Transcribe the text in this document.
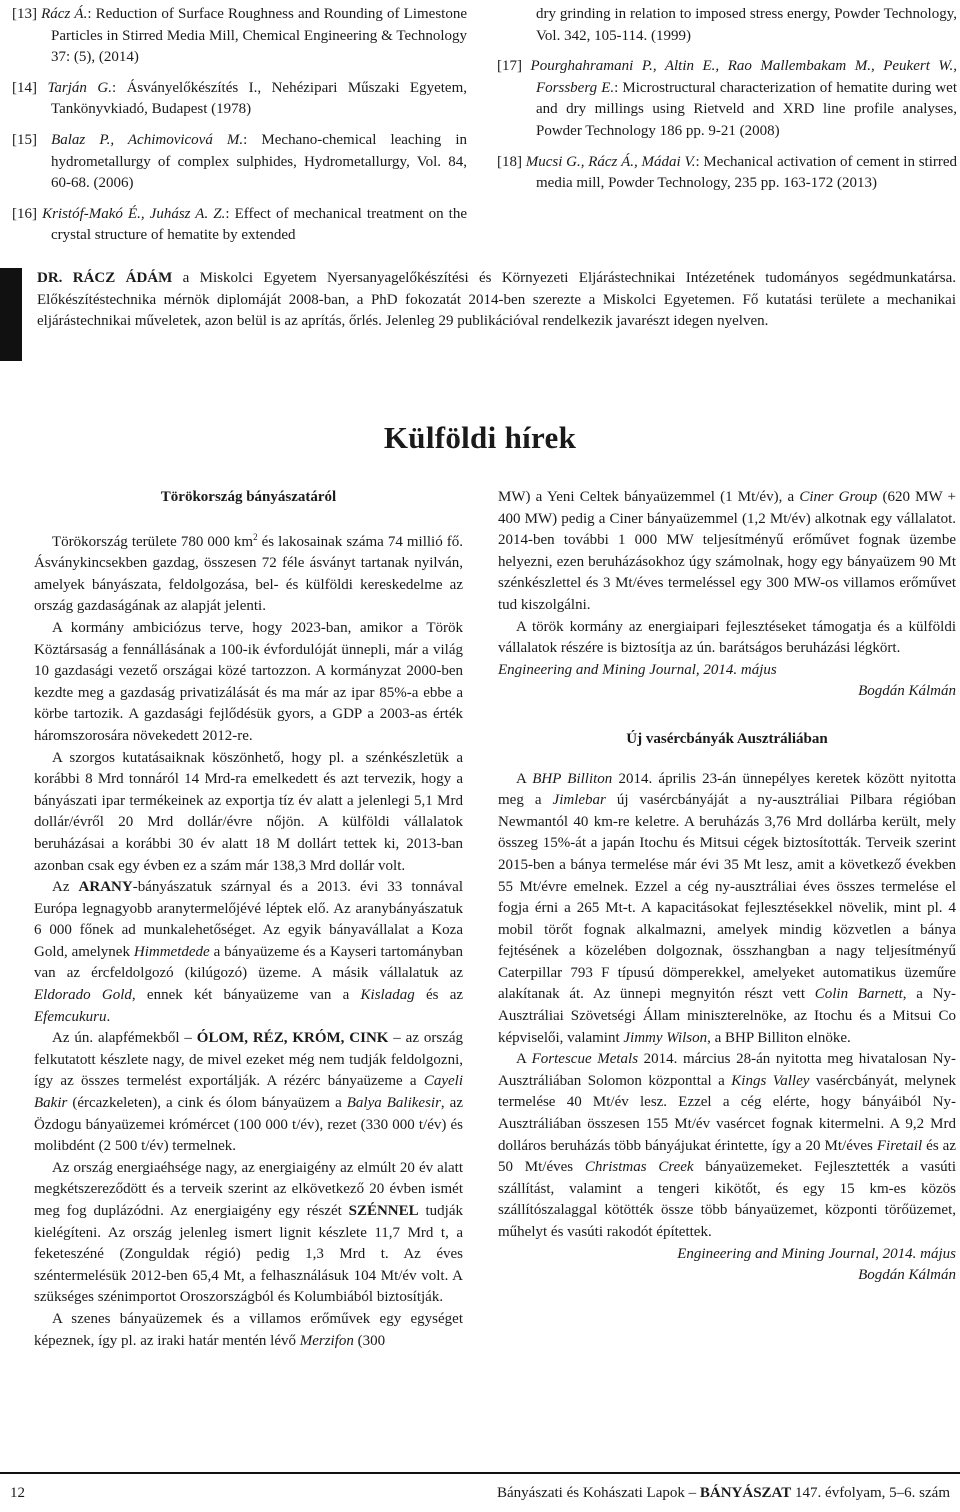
[13] Rácz Á.: Reduction of Surface Roughness and Rounding of Limestone Particles in Stirred Media Mill, Chemical Engineering & Technology 37: (5), (2014)

[14] Tarján G.: Ásványelőkészítés I., Nehézipari Műszaki Egyetem, Tankönyvkiadó, Budapest (1978)

[15] Balaz P., Achimovicová M.: Mechano-chemical leaching in hydrometallurgy of complex sulphides, Hydrometallurgy, Vol. 84, 60-68. (2006)

[16] Kristóf-Makó É., Juhász A. Z.: Effect of mechanical treatment on the crystal structure of hematite by extended

dry grinding in relation to imposed stress energy, Powder Technology, Vol. 342, 105-114. (1999)

[17] Pourghahramani P., Altin E., Rao Mallembakam M., Peukert W., Forssberg E.: Microstructural characterization of hematite during wet and dry millings using Rietveld and XRD line profile analyses, Powder Technology 186 pp. 9-21 (2008)

[18] Mucsi G., Rácz Á., Mádai V.: Mechanical activation of cement in stirred media mill, Powder Technology, 235 pp. 163-172 (2013)

DR. RÁCZ ÁDÁM a Miskolci Egyetem Nyersanyagelőkészítési és Környezeti Eljárástechnikai Intézetének tudományos segédmunkatársa. Előkészítéstechnika mérnök diplomáját 2008-ban, a PhD fokozatát 2014-ben szerezte a Miskolci Egyetemen. Fő kutatási területe a mechanikai eljárástechnikai műveletek, azon belül is az aprítás, őrlés. Jelenleg 29 publikációval rendelkezik javarészt idegen nyelven.
Külföldi hírek

Törökország bányászatáról

Törökország területe 780 000 $km^2$ és lakosainak száma 74 millió fő. Ásványkincsekben gazdag, összesen 72 féle ásványt tartanak nyilván, amelyek bányászata, feldolgozása, bel- és külföldi kereskedelme az ország gazdaságának az alapját jelenti.

A kormány ambiciózus terve, hogy 2023-ban, amikor a Török Köztársaság a fennállásának a 100-ik évfordulóját ünnepli, már a világ 10 gazdasági vezető országai közé tartozzon. A kormányzat 2000-ben kezdte meg a gazdaság privatizálását és ma már az ipar 85%-a ebbe a körbe tartozik. A gazdasági fejlődésük gyors, a GDP a 2003-as érték háromszorosára növekedett 2012-re.

A szorgos kutatásaiknak köszönhető, hogy pl. a szénkészletük a korábbi 8 Mrd tonnáról 14 Mrd-ra emelkedett és azt tervezik, hogy a bányászati ipar termékeinek az exportja tíz év alatt a jelenlegi 5,1 Mrd dollár/évről 20 Mrd dollár/évre nőjön. A külföldi vállalatok beruházásai a korábbi 30 év alatt 18 M dollárt tettek ki, 2013-ban azonban csak egy évben ez a szám már 138,3 Mrd dollár volt.

Az ARANY-bányászatuk szárnyal és a 2013. évi 33 tonnával Európa legnagyobb aranytermelőjévé léptek elő. Az aranybányászatuk 6 000 főnek ad munkalehetőséget. Az egyik bányavállalat a Koza Gold, amelynek Himmetdede a bányaüzeme és a Kayseri tartományban van az ércfeldolgozó (kilúgozó) üzeme. A másik vállalatuk az Eldorado Gold, ennek két bányaüzeme van a Kisladag és az Efemcukuru.

Az ún. alapfémekből – ÓLOM, RÉZ, KRÓM, CINK – az ország felkutatott készlete nagy, de mivel ezeket még nem tudják feldolgozni, így az összes termelést exportálják. A rézérc bányaüzeme a Cayeli Bakir (ércazkeleten), a cink és ólom bányaüzem a Balya Balikesir, az Özdogu bányaüzemei krómércet (100 000 t/év), rezet (330 000 t/év) és molibdént (2 500 t/év) termelnek.

Az ország energiaéhsége nagy, az energiaigény az elmúlt 20 év alatt megkétszereződött és a terveik szerint az elkövetkező 20 évben ismét meg fog duplázódni. Az energiaigény egy részét SZÉNNEL tudják kielégíteni. Az ország jelenleg ismert lignit készlete 11,7 Mrd t, a feketeszéné (Zonguldak régió) pedig 1,3 Mrd t. Az éves széntermelésük 2012-ben 65,4 Mt, a felhasználásuk 104 Mt/év volt. A szükséges szénimportot Oroszországból és Kolumbiából biztosítják.

A szenes bányaüzemek és a villamos erőművek egy egységet képeznek, így pl. az iraki határ mentén lévő Merzifon (300

MW) a Yeni Celtek bányaüzemmel (1 Mt/év), a Ciner Group (620 MW + 400 MW) pedig a Ciner bányaüzemmel (1,2 Mt/év) alkotnak egy vállalatot. 2014-ben további 1 000 MW teljesítményű erőművet fognak üzembe helyezni, ezen beruházásokhoz úgy számolnak, hogy egy bányaüzem 90 Mt szénkészlettel és 3 Mt/éves termeléssel egy 300 MW-os villamos erőművet tud kiszolgálni.

A török kormány az energiaipari fejlesztéseket támogatja és a külföldi vállalatok részére is biztosítja az ún. barátságos beruházási légkört.

Engineering and Mining Journal, 2014. május

Bogdán Kálmán

Új vasércbányák Ausztráliában

A BHP Billiton 2014. április 23-án ünnepélyes keretek között nyitotta meg a Jimlebar új vasércbányáját a ny-ausztráliai Pilbara régióban Newmantól 40 km-re keletre. A beruházás 3,76 Mrd dollárba került, mely összeg 15%-át a japán Itochu és Mitsui cégek biztosították. Terveik szerint 2015-ben a bánya termelése már évi 35 Mt lesz, amit a következő években 55 Mt/évre emelnek. Ezzel a cég ny-ausztráliai éves összes termelése el fogja érni a 265 Mt-t. A kapacitásokat fejlesztésekkel növelik, mint pl. 4 mobil törőt fognak alkalmazni, amelyek mindig közvetlen a bánya fejtésének a közelében dolgoznak, összhangban a nagy teljesítményű Caterpillar 793 F típusú dömperekkel, amelyeket automatikus üzeműre alakítanak át. Az ünnepi megnyitón részt vett Colin Barnett, a Ny-Ausztráliai Szövetségi Állam miniszterelnöke, az Itochu és a Mitsui Co képviselői, valamint Jimmy Wilson, a BHP Billiton elnöke.

A Fortescue Metals 2014. március 28-án nyitotta meg hivatalosan Ny-Ausztráliában Solomon központtal a Kings Valley vasércbányát, melynek termelése 40 Mt/év lesz. Ezzel a cég elérte, hogy bányáiból Ny-Ausztráliában összesen 155 Mt/év vasércet fognak kitermelni. A 9,2 Mrd dolláros beruházás több bányájukat érintette, így a 20 Mt/éves Firetail és az 50 Mt/éves Christmas Creek bányaüzemeket. Fejlesztették a vasúti szállítást, valamint a tengeri kikötőt, és egy 15 km-es közös szállítószalaggal kötötték össze több bányaüzemet, központi törőüzemet, műhelyt és vasúti rakodót építettek.

Engineering and Mining Journal, 2014. május

Bogdán Kálmán

12	Bányászati és Kohászati Lapok – BÁNYÁSZAT 147. évfolyam, 5–6. szám
